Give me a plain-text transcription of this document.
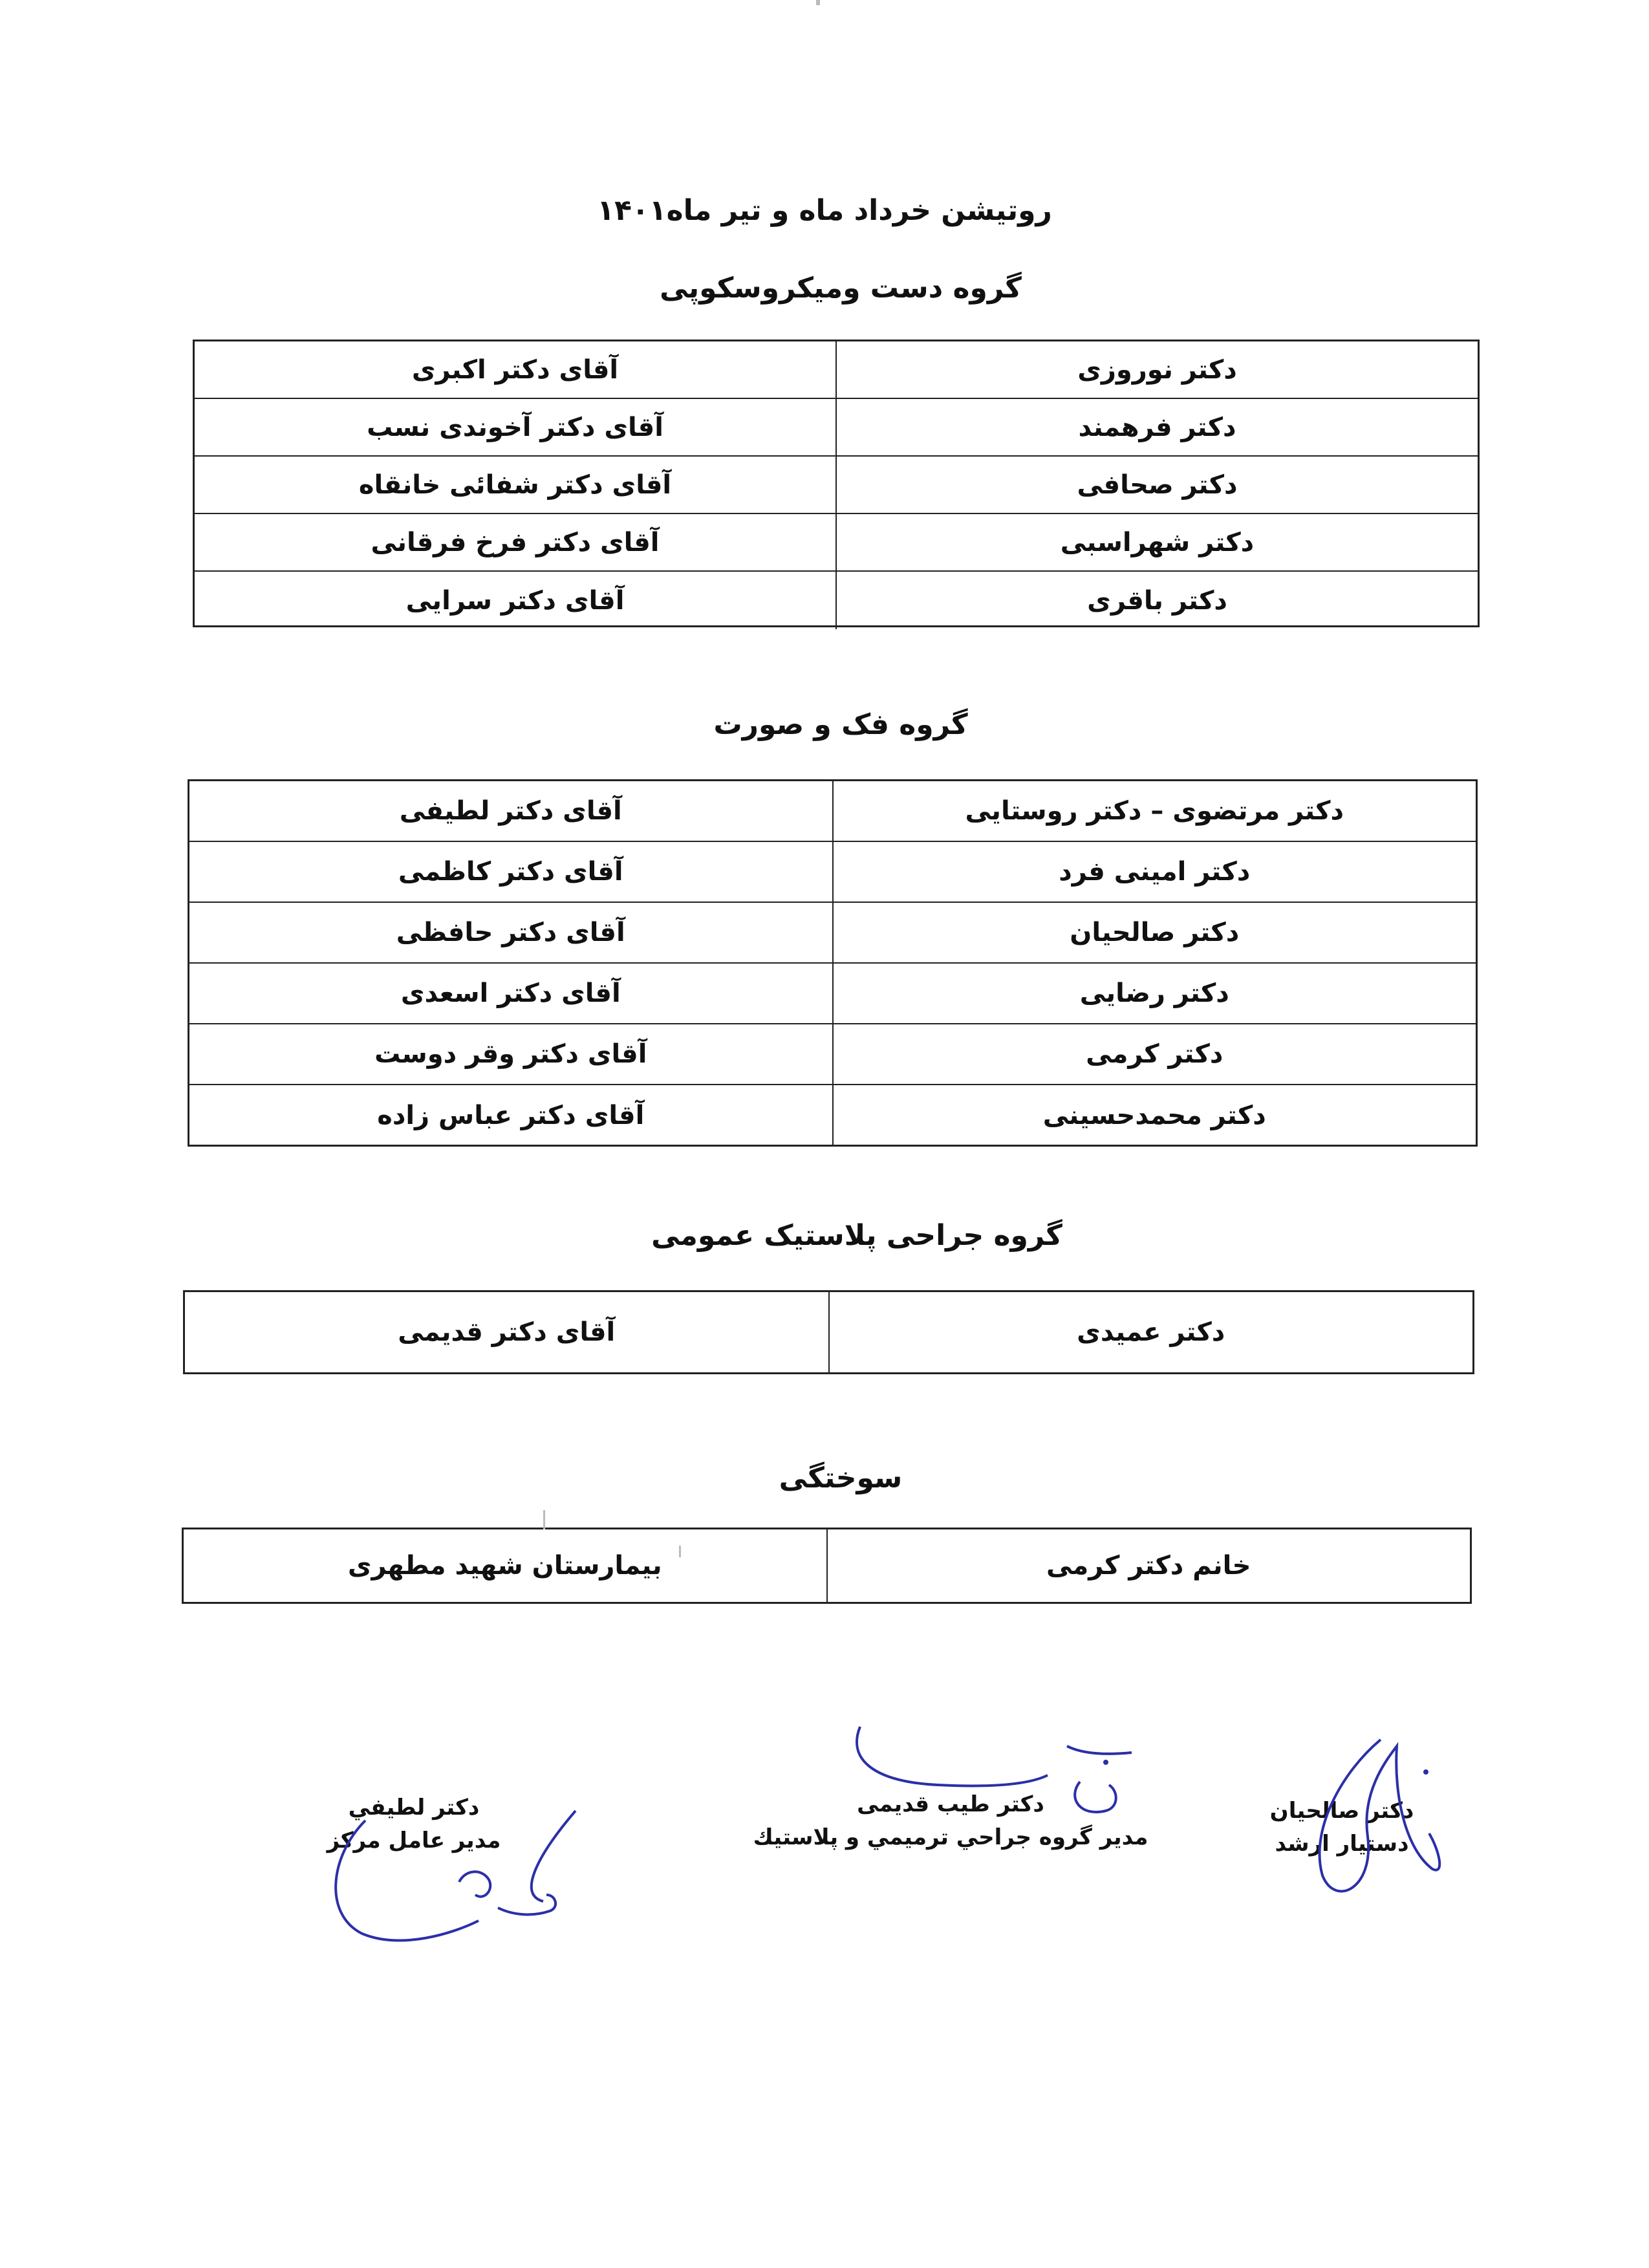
روتیشن خرداد ماه و تیر ماه۱۴۰۱
گروه دست ومیکروسکوپی
دکتر نوروزی
آقای دکتر اکبری
دکتر فرهمند
آقای دکتر آخوندی نسب
دکتر صحافی
آقای دکتر شفائی خانقاه
دکتر شهراسبی
آقای دکتر فرخ فرقانی
دکتر باقری
آقای دکتر سرایی
گروه فک و صورت
دکتر مرتضوی – دکتر روستایی
آقای دکتر لطیفی
دکتر امینی فرد
آقای دکتر کاظمی
دکتر صالحیان
آقای دکتر حافظی
دکتر رضایی
آقای دکتر اسعدی
دکتر کرمی
آقای دکتر وقر دوست
دکتر محمدحسینی
آقای دکتر عباس زاده
گروه جراحی پلاستیک عمومی
دکتر عمیدی
آقای دکتر قدیمی
سوختگی
خانم دکتر کرمی
بیمارستان شهید مطهری
دکتر صالحیان
دستیار ارشد
دکتر طیب قدیمی
مدیر گروه جراحي ترميمي و پلاستيك
دکتر لطيفي
مدير عامل مركز
